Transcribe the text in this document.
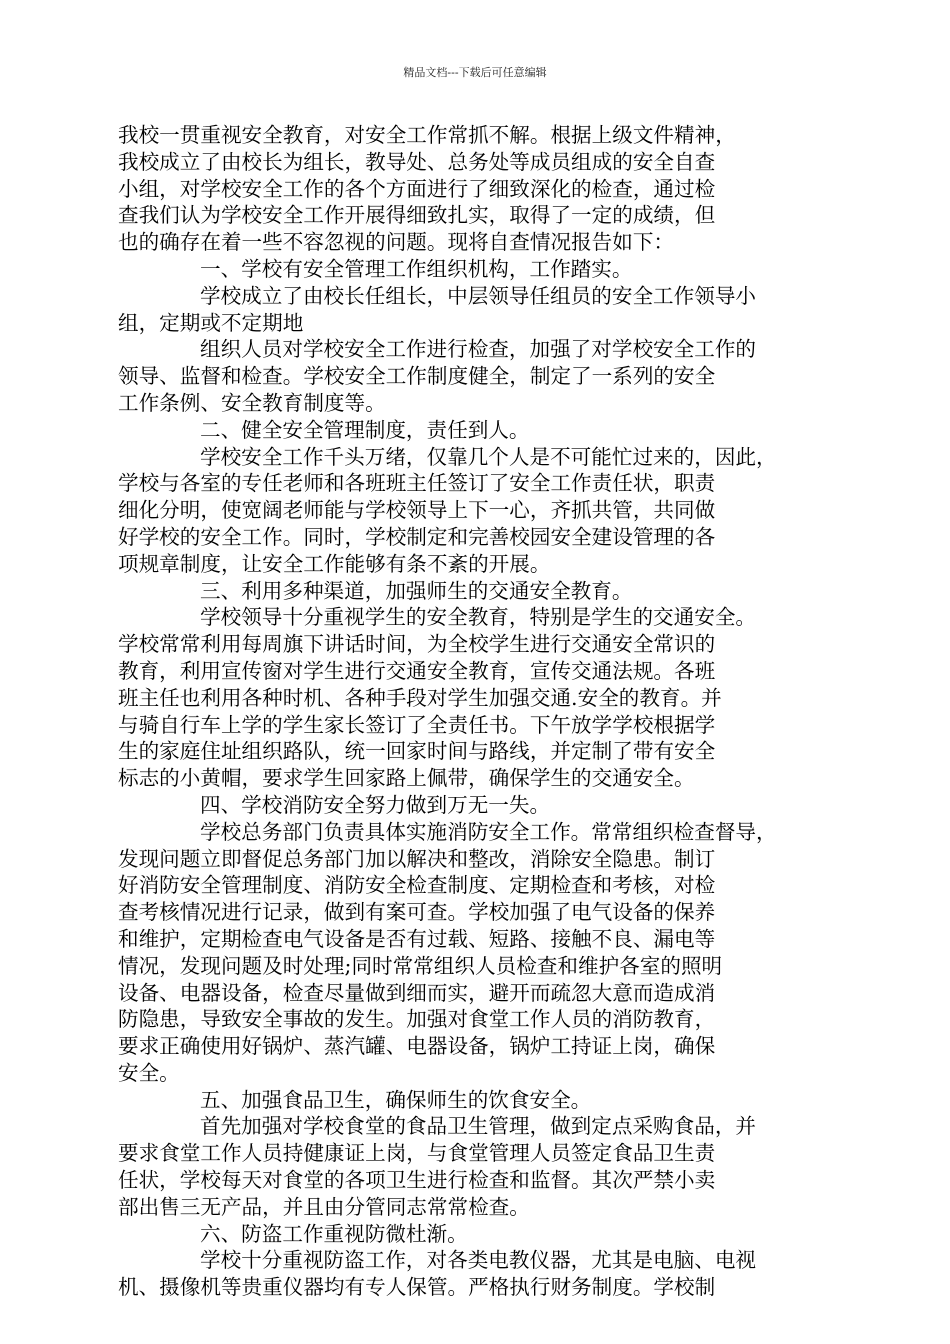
精品文档---下载后可任意编辑
我校一贯重视安全教育，对安全工作常抓不解。根据上级文件精神，
我校成立了由校长为组长，教导处、总务处等成员组成的安全自查
小组，对学校安全工作的各个方面进行了细致深化的检查，通过检
查我们认为学校安全工作开展得细致扎实，取得了一定的成绩，但
也的确存在着一些不容忽视的问题。现将自查情况报告如下：
一、学校有安全管理工作组织机构，工作踏实。
学校成立了由校长任组长，中层领导任组员的安全工作领导小
组，定期或不定期地
组织人员对学校安全工作进行检查，加强了对学校安全工作的
领导、监督和检查。学校安全工作制度健全，制定了一系列的安全
工作条例、安全教育制度等。
二、健全安全管理制度，责任到人。
学校安全工作千头万绪，仅靠几个人是不可能忙过来的，因此，
学校与各室的专任老师和各班班主任签订了安全工作责任状，职责
细化分明，使宽阔老师能与学校领导上下一心，齐抓共管，共同做
好学校的安全工作。同时，学校制定和完善校园安全建设管理的各
项规章制度，让安全工作能够有条不紊的开展。
三、利用多种渠道，加强师生的交通安全教育。
学校领导十分重视学生的安全教育，特别是学生的交通安全。
学校常常利用每周旗下讲话时间，为全校学生进行交通安全常识的
教育，利用宣传窗对学生进行交通安全教育，宣传交通法规。各班
班主任也利用各种时机、各种手段对学生加强交通.安全的教育。并
与骑自行车上学的学生家长签订了全责任书。下午放学学校根据学
生的家庭住址组织路队，统一回家时间与路线，并定制了带有安全
标志的小黄帽，要求学生回家路上佩带，确保学生的交通安全。
四、学校消防安全努力做到万无一失。
学校总务部门负责具体实施消防安全工作。常常组织检查督导，
发现问题立即督促总务部门加以解决和整改，消除安全隐患。制订
好消防安全管理制度、消防安全检查制度、定期检查和考核，对检
查考核情况进行记录，做到有案可查。学校加强了电气设备的保养
和维护，定期检查电气设备是否有过载、短路、接触不良、漏电等
情况，发现问题及时处理;同时常常组织人员检查和维护各室的照明
设备、电器设备，检查尽量做到细而实，避开而疏忽大意而造成消
防隐患，导致安全事故的发生。加强对食堂工作人员的消防教育，
要求正确使用好锅炉、蒸汽罐、电器设备，锅炉工持证上岗，确保
安全。
五、加强食品卫生，确保师生的饮食安全。
首先加强对学校食堂的食品卫生管理，做到定点采购食品，并
要求食堂工作人员持健康证上岗，与食堂管理人员签定食品卫生责
任状，学校每天对食堂的各项卫生进行检查和监督。其次严禁小卖
部出售三无产品，并且由分管同志常常检查。
六、防盗工作重视防微杜渐。
学校十分重视防盗工作，对各类电教仪器，尤其是电脑、电视
机、摄像机等贵重仪器均有专人保管。严格执行财务制度。学校制
